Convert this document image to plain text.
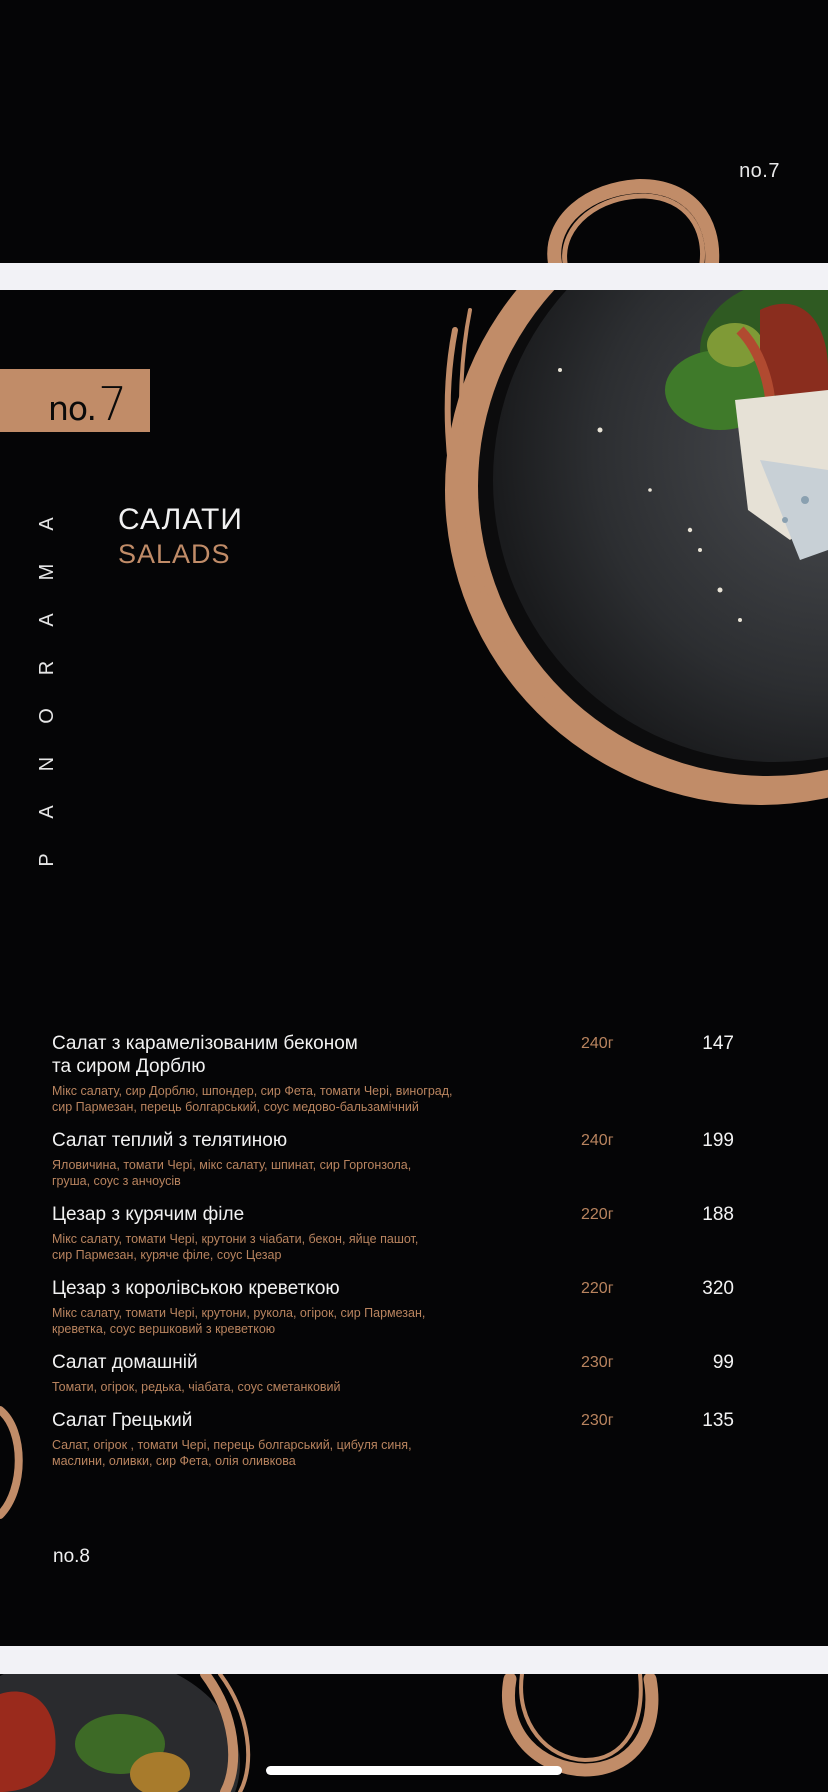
no.7
no.7
A
M
A
R
O
N
A
P
САЛАТИ
SALADS
Салат з карамелізованим беконом
та сиром Дорблю
Мікс салату, сир Дорблю, шпондер, сир Фета, томати Чері, виноград,
сир Пармезан, перець болгарський, соус медово-бальзамічний
240г	147
Салат теплий з телятиною
Яловичина, томати Чері, мікс салату, шпинат, сир Горгонзола,
груша, соус з анчоусів
240г	199
Цезар з курячим філе
Мікс салату, томати Чері, крутони з чіабати, бекон, яйце пашот,
сир Пармезан, куряче філе, соус Цезар
220г	188
Цезар з королівською креветкою
Мікс салату, томати Чері, крутони, рукола, огірок, сир Пармезан,
креветка, соус вершковий з креветкою
220г	320
Салат домашній
Томати, огірок, редька, чіабата, соус сметанковий
230г	99
Салат Грецький
Салат, огірок , томати Чері, перець болгарський, цибуля синя,
маслини, оливки, сир Фета, олія оливкова
230г	135
no.8
